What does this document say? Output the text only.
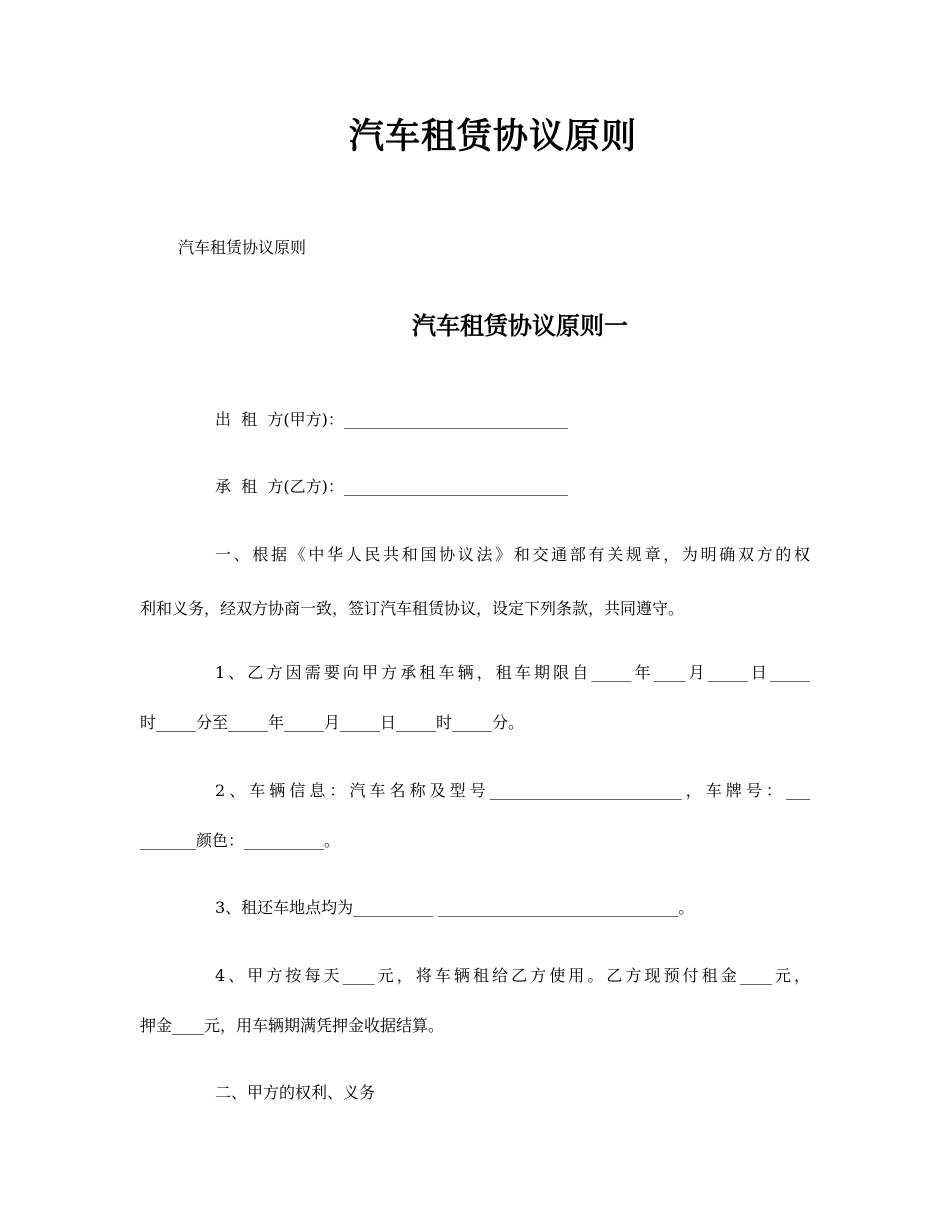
汽车租赁协议原则
汽车租赁协议原则
汽车租赁协议原则一
出  租  方(甲方)：____________________________
承  租  方(乙方)：____________________________
一、根据《中华人民共和国协议法》和交通部有关规章，为明确双方的权
利和义务，经双方协商一致，签订汽车租赁协议，设定下列条款，共同遵守。
1、乙方因需要向甲方承租车辆，租车期限自_____年____月_____日_____
时_____分至_____年_____月_____日_____时_____分。
2、车辆信息：汽车名称及型号________________________，车牌号：___
_______颜色：__________。
3、租还车地点均为__________ ______________________________。
4、甲方按每天____元，将车辆租给乙方使用。乙方现预付租金____元，
押金____元，用车辆期满凭押金收据结算。
二、甲方的权利、义务
